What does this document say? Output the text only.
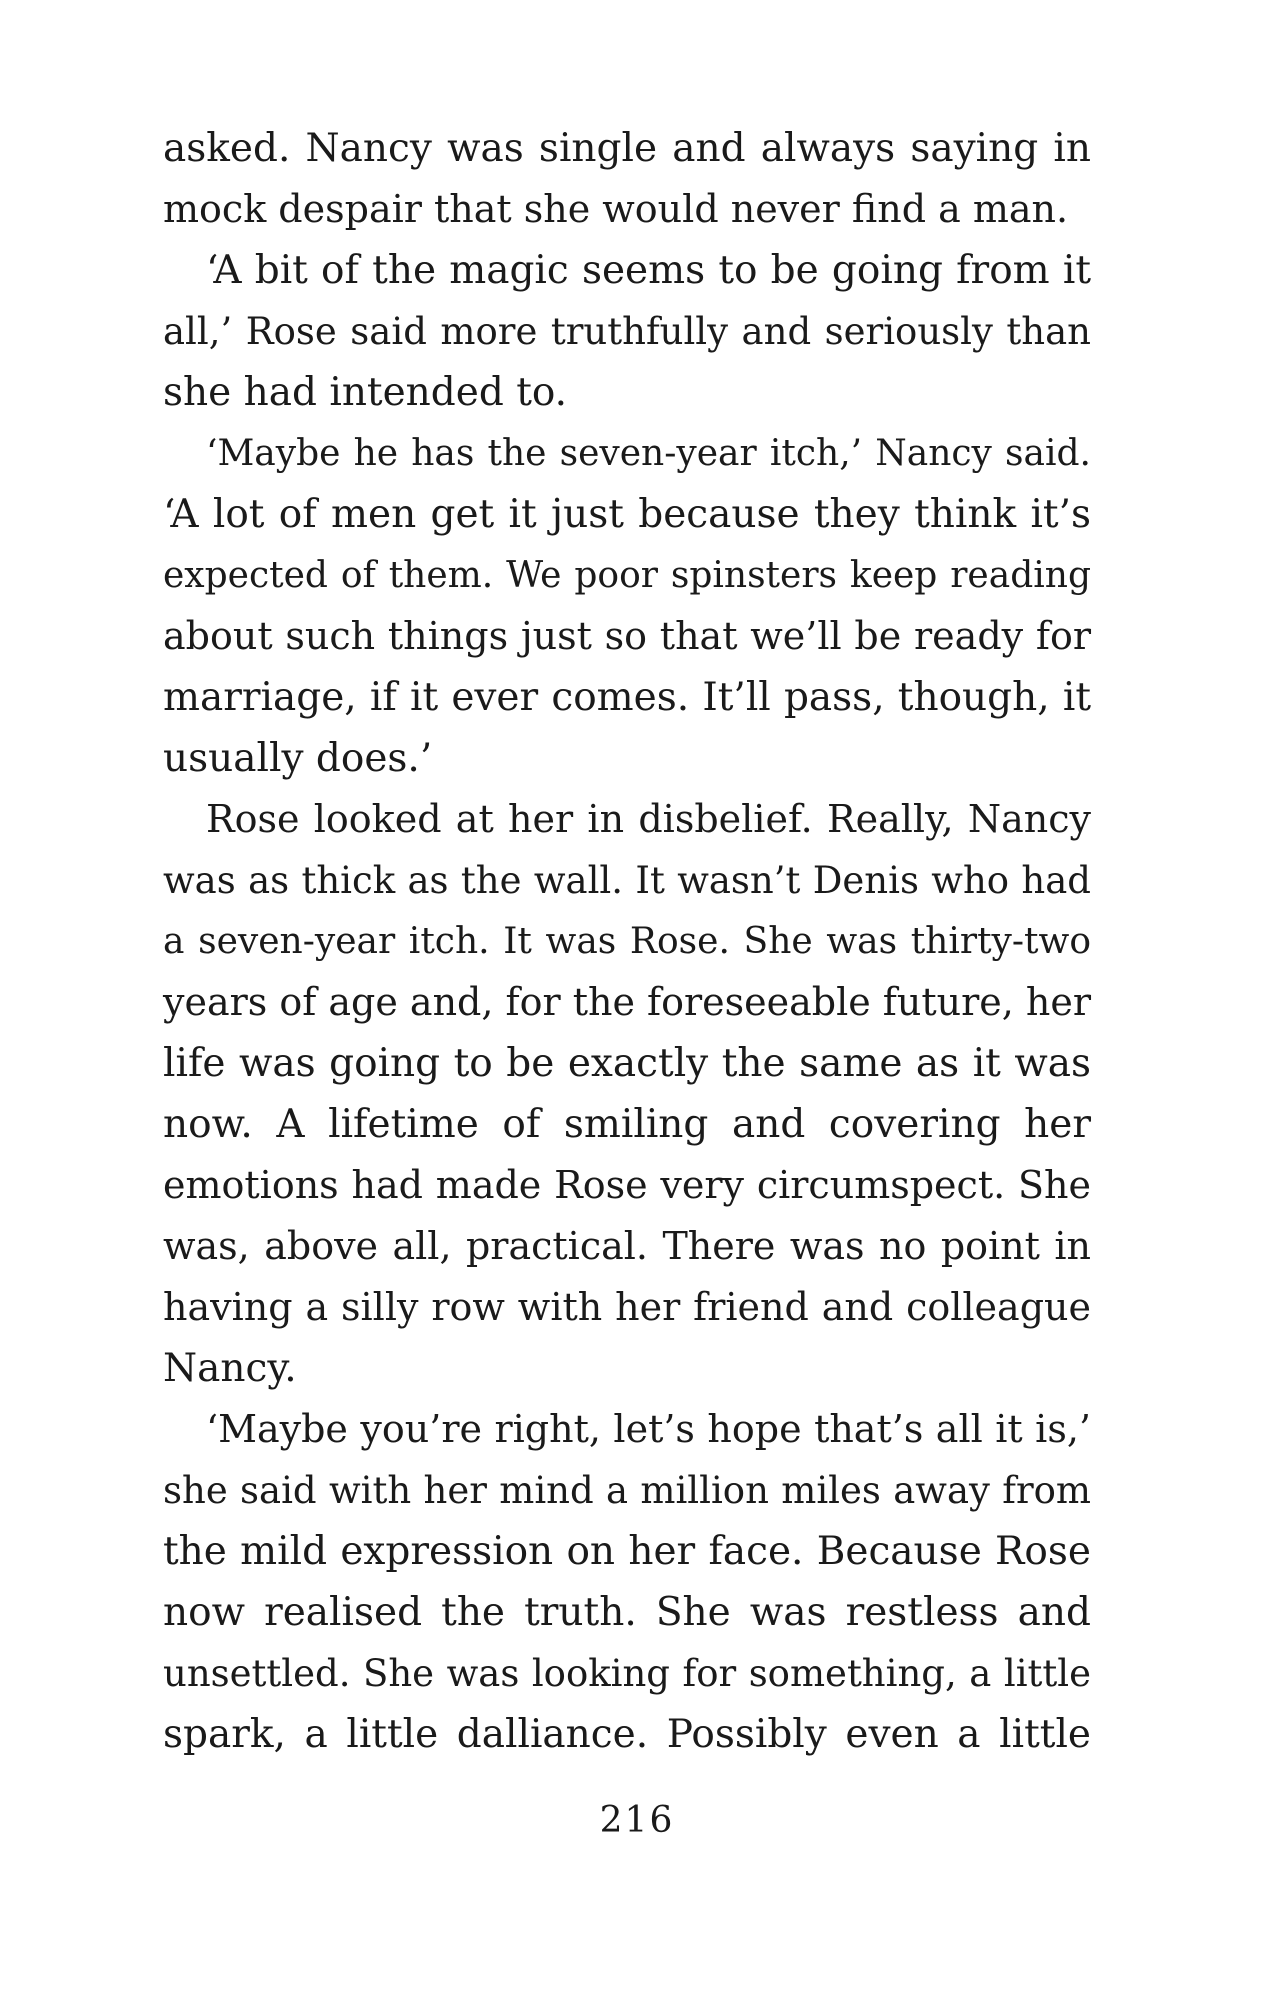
asked. Nancy was single and always saying in
mock despair that she would never find a man.
‘A bit of the magic seems to be going from it
all,’ Rose said more truthfully and seriously than
she had intended to.
‘Maybe he has the seven-year itch,’ Nancy said.
‘A lot of men get it just because they think it’s
expected of them. We poor spinsters keep reading
about such things just so that we’ll be ready for
marriage, if it ever comes. It’ll pass, though, it
usually does.’
Rose looked at her in disbelief. Really, Nancy
was as thick as the wall. It wasn’t Denis who had
a seven-year itch. It was Rose. She was thirty-two
years of age and, for the foreseeable future, her
life was going to be exactly the same as it was
now. A lifetime of smiling and covering her
emotions had made Rose very circumspect. She
was, above all, practical. There was no point in
having a silly row with her friend and colleague
Nancy.
‘Maybe you’re right, let’s hope that’s all it is,’
she said with her mind a million miles away from
the mild expression on her face. Because Rose
now realised the truth. She was restless and
unsettled. She was looking for something, a little
spark, a little dalliance. Possibly even a little
216
